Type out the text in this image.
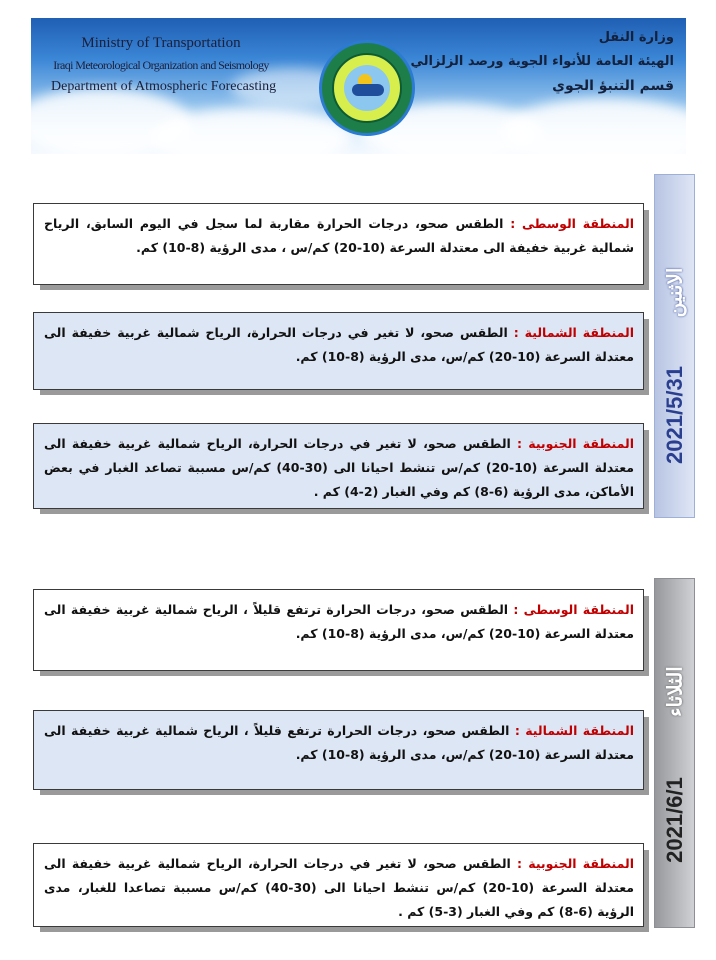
Ministry of Transportation
Iraqi Meteorological Organization and Seismology
Department of Atmospheric Forecasting
وزارة النقل
الهيئة العامة للأنواء الجوية ورصد الزلزالي
قسم التنبؤ الجوي
الاثنين
2021/5/31
المنطقة الوسطى : الطقس صحو، درجات الحرارة مقاربة لما سجل في اليوم السابق، الرياح شمالية غربية خفيفة الى معتدلة السرعة (10-20) كم/س ، مدى الرؤية (8-10) كم.
المنطقة الشمالية : الطقس صحو، لا تغير في درجات الحرارة، الرياح شمالية غربية خفيفة الى معتدلة السرعة (10-20) كم/س، مدى الرؤية (8-10) كم.
المنطقة الجنوبية : الطقس صحو، لا تغير في درجات الحرارة، الرياح شمالية غربية خفيفة الى معتدلة السرعة (10-20) كم/س تنشط احيانا الى (30-40) كم/س مسببة تصاعد الغبار في بعض الأماكن، مدى الرؤية (6-8) كم وفي الغبار (2-4) كم .
الثلاثاء
2021/6/1
المنطقة الوسطى : الطقس صحو، درجات الحرارة ترتفع قليلاً ، الرياح شمالية غربية خفيفة الى معتدلة السرعة (10-20) كم/س، مدى الرؤية (8-10) كم.
المنطقة الشمالية : الطقس صحو، درجات الحرارة ترتفع قليلاً ، الرياح شمالية غربية خفيفة الى معتدلة السرعة (10-20) كم/س، مدى الرؤية (8-10) كم.
المنطقة الجنوبية : الطقس صحو، لا تغير في درجات الحرارة، الرياح شمالية غربية خفيفة الى معتدلة السرعة (10-20) كم/س تنشط احيانا الى (30-40) كم/س مسببة تصاعدا للغبار، مدى الرؤية (6-8) كم وفي الغبار (3-5) كم .
